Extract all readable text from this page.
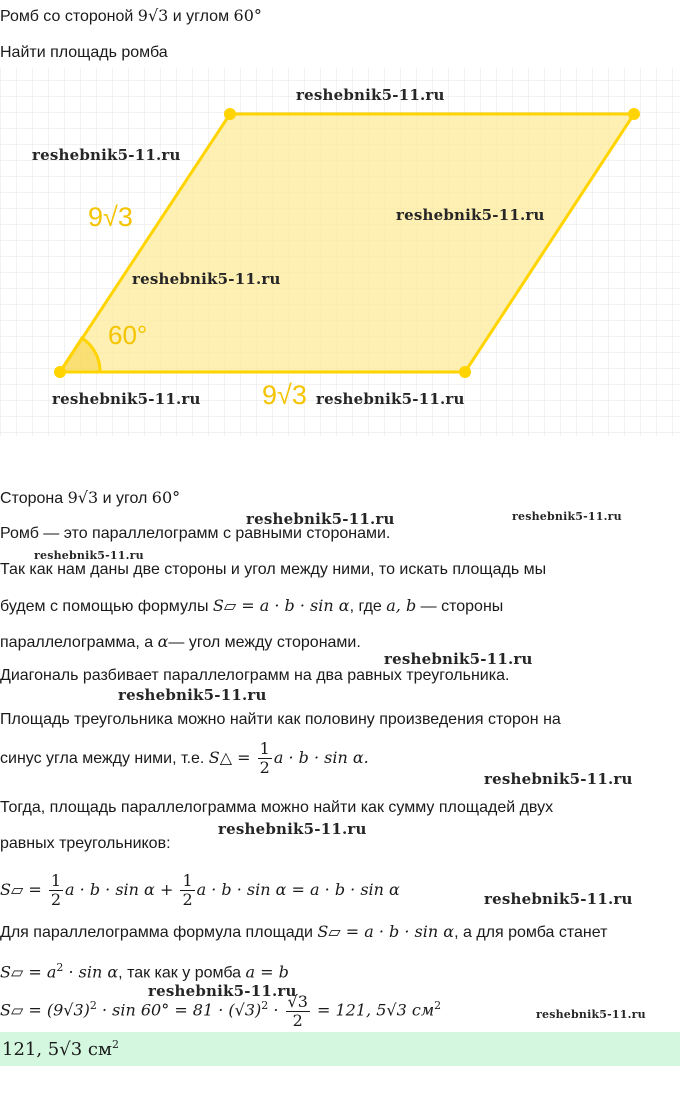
Ромб со стороной 9√3 и углом 60°
Найти площадь ромба
9√3
60°
9√3
reshebnik5-11.ru
reshebnik5-11.ru
reshebnik5-11.ru
reshebnik5-11.ru
reshebnik5-11.ru	reshebnik5-11.ru
Сторона 9√3 и угол 60°
Ромб — это параллелограмм с равными сторонами.
Так как нам даны две стороны и угол между ними, то искать площадь мы
будем с помощью формулы S▱ = a · b · sin α, где a, b — стороны
параллелограмма, а α— угол между сторонами.
Диагональ разбивает параллелограмм на два равных треугольника.
Площадь треугольника можно найти как половину произведения сторон на
синус угла между ними, т.е. S△ = $\frac{1}{2}$ a · b · sin α.
Тогда, площадь параллелограмма можно найти как сумму площадей двух
равных треугольников:
S▱ = $\frac{1}{2}$ $a \cdot b \cdot \sin \alpha + \frac{1}{2}$ a · b · sin α = a · b · sin α
Для параллелограмма формула площади S▱ = a · b · sin α, а для ромба станет
S▱ = $a^2 \cdot \sin \alpha$, так как у ромба a = b
S▱ = $(9√3)^2 \cdot \sin 60^\circ = 81 \cdot (√3)^2 \cdot \frac{√3}{2} = 121$, 5√3 $см^2$
121, 5√3 $см^2$
reshebnik5-11.ru	reshebnik5-11.ru
reshebnik5-11.ru
reshebnik5-11.ru
reshebnik5-11.ru
reshebnik5-11.ru
reshebnik5-11.ru
reshebnik5-11.ru
reshebnik5-11.ru
reshebnik5-11.ru
